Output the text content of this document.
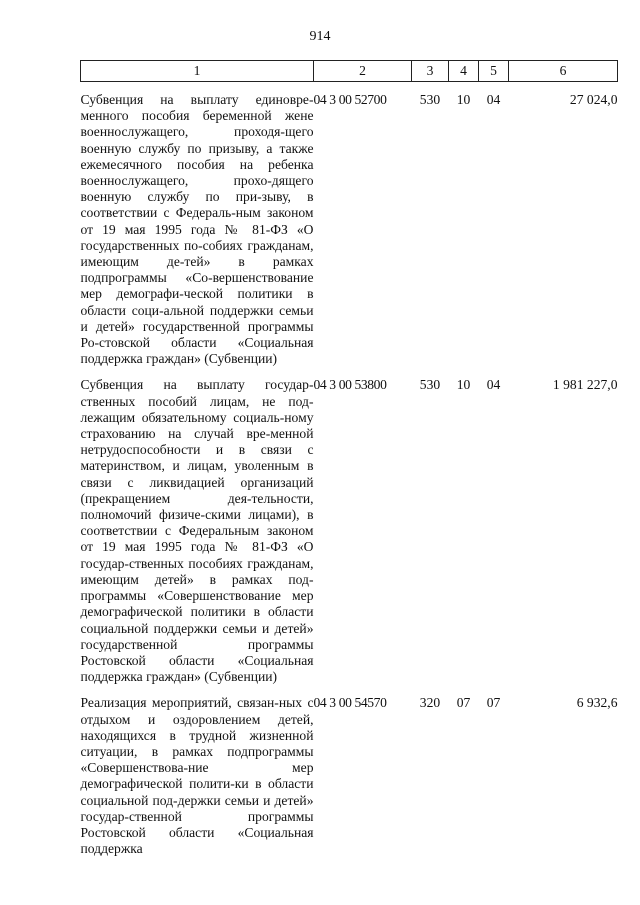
914
1	2	3	4	5	6

Субвенция на выплату единовре-менного пособия беременной жене военнослужащего, проходя-щего военную службу по призыву, а также ежемесячного пособия на ребенка военнослужащего, прохо-дящего военную службу по при-зыву, в соответствии с Федераль-ным законом от 19 мая 1995 года № 81-ФЗ «О государственных по-собиях гражданам, имеющим де-тей» в рамках подпрограммы «Со-вершенствование мер демографи-ческой политики в области соци-альной поддержки семьи и детей» государственной программы Ро-стовской области «Социальная поддержка граждан» (Субвенции)	04 3 00 52700	530	10	04	27 024,0

Субвенция на выплату государ-ственных пособий лицам, не под-лежащим обязательному социаль-ному страхованию на случай вре-менной нетрудоспособности и в связи с материнством, и лицам, уволенным в связи с ликвидацией организаций (прекращением дея-тельности, полномочий физиче-скими лицами), в соответствии с Федеральным законом от 19 мая 1995 года № 81-ФЗ «О государ-ственных пособиях гражданам, имеющим детей» в рамках под-программы «Совершенствование мер демографической политики в области социальной поддержки семьи и детей» государственной программы Ростовской области «Социальная поддержка граждан» (Субвенции)	04 3 00 53800	530	10	04	1 981 227,0

Реализация мероприятий, связан-ных с отдыхом и оздоровлением детей, находящихся в трудной жизненной ситуации, в рамках подпрограммы «Совершенствова-ние мер демографической полити-ки в области социальной под-держки семьи и детей» государ-ственной программы Ростовской области «Социальная поддержка	04 3 00 54570	320	07	07	6 932,6
